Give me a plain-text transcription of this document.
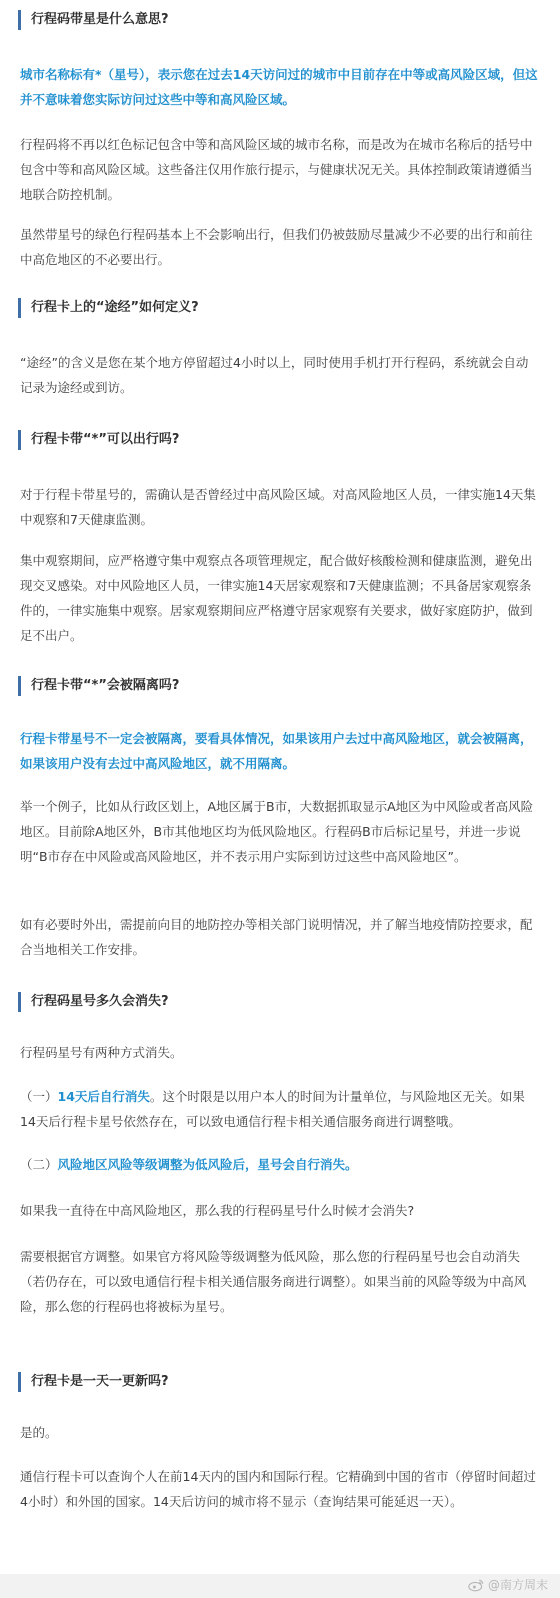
行程码带星是什么意思?

城市名称标有*（星号），表示您在过去14天访问过的城市中目前存在中等或高风险区域，但这并不意味着您实际访问过这些中等和高风险区域。

行程码将不再以红色标记包含中等和高风险区域的城市名称，而是改为在城市名称后的括号中包含中等和高风险区域。这些备注仅用作旅行提示，与健康状况无关。具体控制政策请遵循当地联合防控机制。

虽然带星号的绿色行程码基本上不会影响出行，但我们仍被鼓励尽量减少不必要的出行和前往中高危地区的不必要出行。

行程卡上的“途经”如何定义?

“途经”的含义是您在某个地方停留超过4小时以上，同时使用手机打开行程码，系统就会自动记录为途经或到访。

行程卡带“*”可以出行吗?

对于行程卡带星号的，需确认是否曾经过中高风险区域。对高风险地区人员，一律实施14天集中观察和7天健康监测。

集中观察期间，应严格遵守集中观察点各项管理规定，配合做好核酸检测和健康监测，避免出现交叉感染。对中风险地区人员，一律实施14天居家观察和7天健康监测；不具备居家观察条件的，一律实施集中观察。居家观察期间应严格遵守居家观察有关要求，做好家庭防护，做到足不出户。

行程卡带“*”会被隔离吗?

行程卡带星号不一定会被隔离，要看具体情况，如果该用户去过中高风险地区，就会被隔离，如果该用户没有去过中高风险地区，就不用隔离。

举一个例子，比如从行政区划上，A地区属于B市，大数据抓取显示A地区为中风险或者高风险地区。目前除A地区外，B市其他地区均为低风险地区。行程码B市后标记星号，并进一步说明“B市存在中风险或高风险地区，并不表示用户实际到访过这些中高风险地区”。

如有必要时外出，需提前向目的地防控办等相关部门说明情况，并了解当地疫情防控要求，配合当地相关工作安排。

行程码星号多久会消失?

行程码星号有两种方式消失。

（一）14天后自行消失。这个时限是以用户本人的时间为计量单位，与风险地区无关。如果14天后行程卡星号依然存在，可以致电通信行程卡相关通信服务商进行调整哦。

（二）风险地区风险等级调整为低风险后，星号会自行消失。

如果我一直待在中高风险地区，那么我的行程码星号什么时候才会消失?

需要根据官方调整。如果官方将风险等级调整为低风险，那么您的行程码星号也会自动消失（若仍存在，可以致电通信行程卡相关通信服务商进行调整）。如果当前的风险等级为中高风险，那么您的行程码也将被标为星号。

行程卡是一天一更新吗?

是的。

通信行程卡可以查询个人在前14天内的国内和国际行程。它精确到中国的省市（停留时间超过4小时）和外国的国家。14天后访问的城市将不显示（查询结果可能延迟一天）。

@南方周末
